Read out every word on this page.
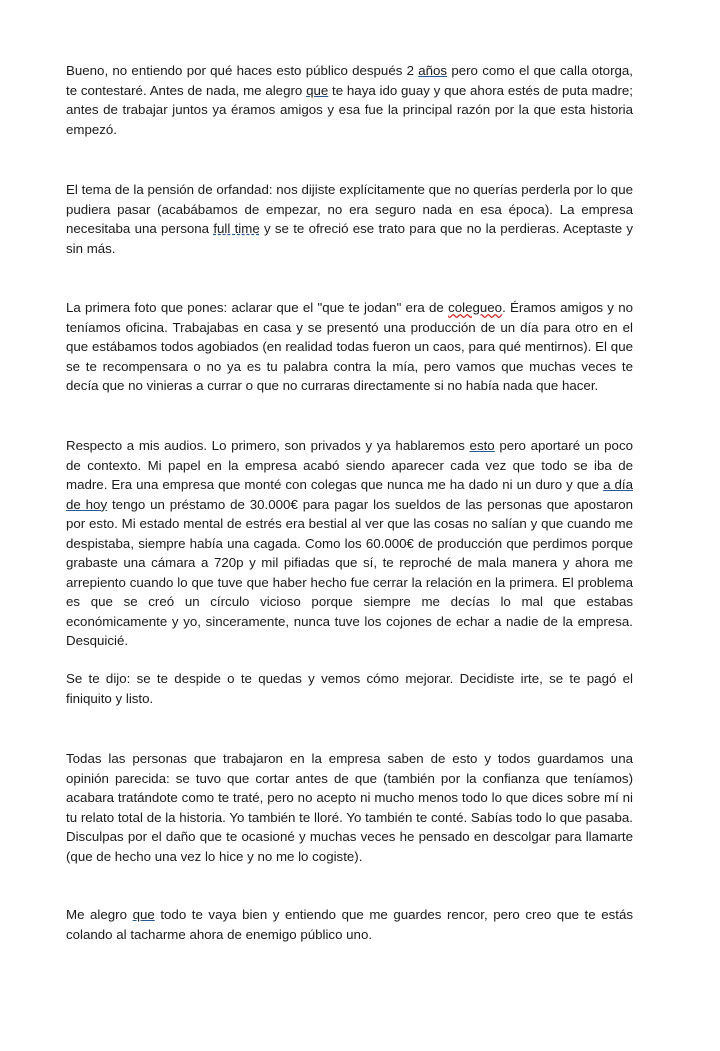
Bueno, no entiendo por qué haces esto público después 2 años pero como el que calla otorga, te contestaré. Antes de nada, me alegro que te haya ido guay y que ahora estés de puta madre; antes de trabajar juntos ya éramos amigos y esa fue la principal razón por la que esta historia empezó.

El tema de la pensión de orfandad: nos dijiste explícitamente que no querías perderla por lo que pudiera pasar (acabábamos de empezar, no era seguro nada en esa época). La empresa necesitaba una persona full time y se te ofreció ese trato para que no la perdieras. Aceptaste y sin más.

La primera foto que pones: aclarar que el "que te jodan" era de colegueo. Éramos amigos y no teníamos oficina. Trabajabas en casa y se presentó una producción de un día para otro en el que estábamos todos agobiados (en realidad todas fueron un caos, para qué mentirnos). El que se te recompensara o no ya es tu palabra contra la mía, pero vamos que muchas veces te decía que no vinieras a currar o que no curraras directamente si no había nada que hacer.

Respecto a mis audios. Lo primero, son privados y ya hablaremos esto pero aportaré un poco de contexto. Mi papel en la empresa acabó siendo aparecer cada vez que todo se iba de madre. Era una empresa que monté con colegas que nunca me ha dado ni un duro y que a día de hoy tengo un préstamo de 30.000€ para pagar los sueldos de las personas que apostaron por esto. Mi estado mental de estrés era bestial al ver que las cosas no salían y que cuando me despistaba, siempre había una cagada. Como los 60.000€ de producción que perdimos porque grabaste una cámara a 720p y mil pifiadas que sí, te reproché de mala manera y ahora me arrepiento cuando lo que tuve que haber hecho fue cerrar la relación en la primera. El problema es que se creó un círculo vicioso porque siempre me decías lo mal que estabas económicamente y yo, sinceramente, nunca tuve los cojones de echar a nadie de la empresa. Desquicié.

Se te dijo: se te despide o te quedas y vemos cómo mejorar. Decidiste irte, se te pagó el finiquito y listo.

Todas las personas que trabajaron en la empresa saben de esto y todos guardamos una opinión parecida: se tuvo que cortar antes de que (también por la confianza que teníamos) acabara tratándote como te traté, pero no acepto ni mucho menos todo lo que dices sobre mí ni tu relato total de la historia. Yo también te lloré. Yo también te conté. Sabías todo lo que pasaba. Disculpas por el daño que te ocasioné y muchas veces he pensado en descolgar para llamarte (que de hecho una vez lo hice y no me lo cogiste).

Me alegro que todo te vaya bien y entiendo que me guardes rencor, pero creo que te estás colando al tacharme ahora de enemigo público uno.
